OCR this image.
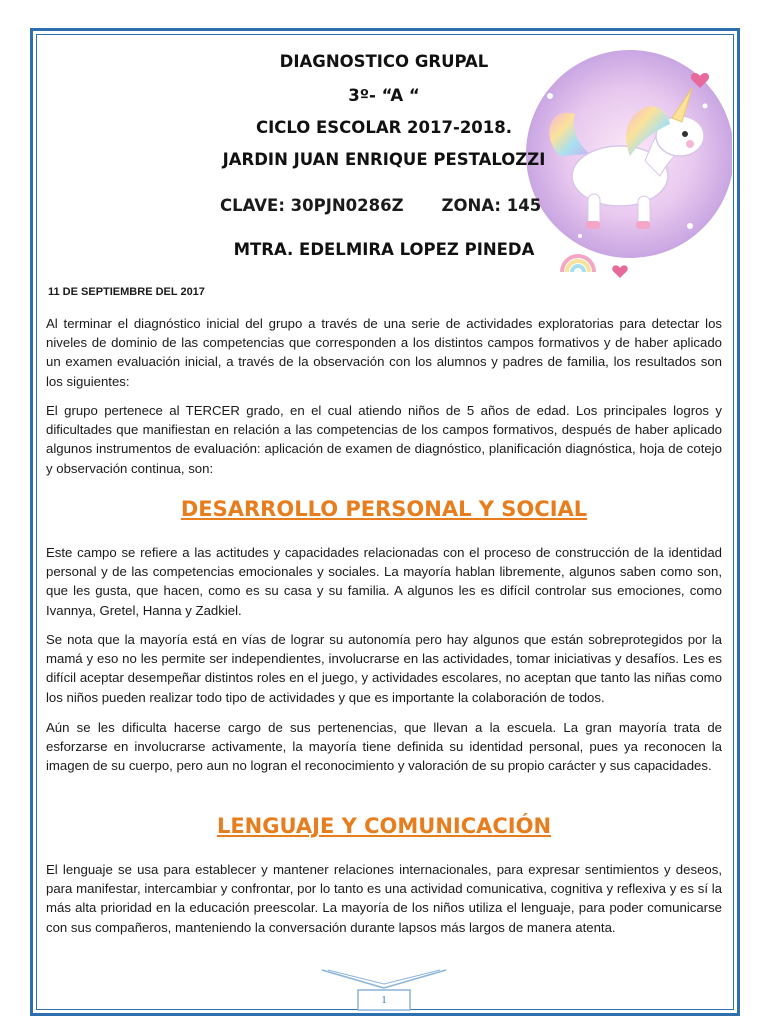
DIAGNOSTICO GRUPAL
3º- “A “
CICLO ESCOLAR 2017-2018.
JARDIN JUAN ENRIQUE PESTALOZZI
CLAVE: 30PJN0286Z ZONA: 145
MTRA. EDELMIRA LOPEZ PINEDA
11 DE SEPTIEMBRE DEL 2017
Al terminar el diagnóstico inicial del grupo a través de una serie de actividades exploratorias para detectar los niveles de dominio de las competencias que corresponden a los distintos campos formativos y de haber aplicado un examen evaluación inicial, a través de la observación con los alumnos y padres de familia, los resultados son los siguientes:
El grupo pertenece al TERCER grado, en el cual atiendo niños de 5 años de edad. Los principales logros y dificultades que manifiestan en relación a las competencias de los campos formativos, después de haber aplicado algunos instrumentos de evaluación: aplicación de examen de diagnóstico, planificación diagnóstica, hoja de cotejo y observación continua, son:
DESARROLLO PERSONAL Y SOCIAL
Este campo se refiere a las actitudes y capacidades relacionadas con el proceso de construcción de la identidad personal y de las competencias emocionales y sociales. La mayoría hablan libremente, algunos saben como son, que les gusta, que hacen, como es su casa y su familia. A algunos les es difícil controlar sus emociones, como Ivannya, Gretel, Hanna y Zadkiel.
Se nota que la mayoría está en vías de lograr su autonomía pero hay algunos que están sobreprotegidos por la mamá y eso no les permite ser independientes, involucrarse en las actividades, tomar iniciativas y desafíos. Les es difícil aceptar desempeñar distintos roles en el juego, y actividades escolares, no aceptan que tanto las niñas como los niños pueden realizar todo tipo de actividades y que es importante la colaboración de todos.
Aún se les dificulta hacerse cargo de sus pertenencias, que llevan a la escuela. La gran mayoría trata de esforzarse en involucrarse activamente, la mayoría tiene definida su identidad personal, pues ya reconocen la imagen de su cuerpo, pero aun no logran el reconocimiento y valoración de su propio carácter y sus capacidades.
LENGUAJE Y COMUNICACIÓN
El lenguaje se usa para establecer y mantener relaciones internacionales, para expresar sentimientos y deseos, para manifestar, intercambiar y confrontar, por lo tanto es una actividad comunicativa, cognitiva y reflexiva y es sí la más alta prioridad en la educación preescolar. La mayoría de los niños utiliza el lenguaje, para poder comunicarse con sus compañeros, manteniendo la conversación durante lapsos más largos de manera atenta.
1
